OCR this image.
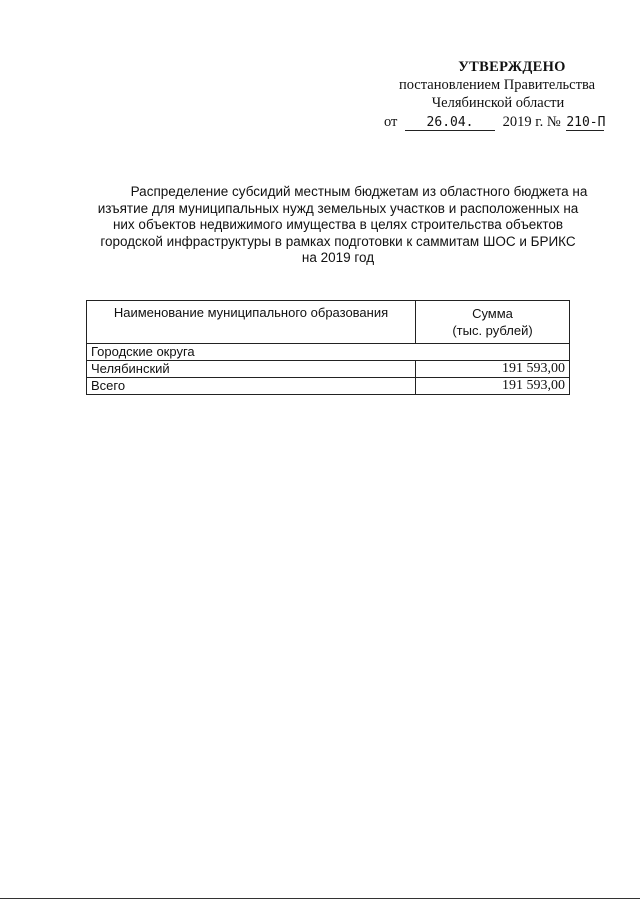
УТВЕРЖДЕНО
постановлением Правительства
Челябинской области
от 26.04. 2019 г. № 210-П
Распределение субсидий местным бюджетам из областного бюджета на
изъятие для муниципальных нужд земельных участков и расположенных на
них объектов недвижимого имущества в целях строительства объектов
городской инфраструктуры в рамках подготовки к саммитам ШОС и БРИКС
на 2019 год
Наименование муниципального образования	Сумма
(тыс. рублей)

Городские округа	
Челябинский	191 593,00
Всего	191 593,00
